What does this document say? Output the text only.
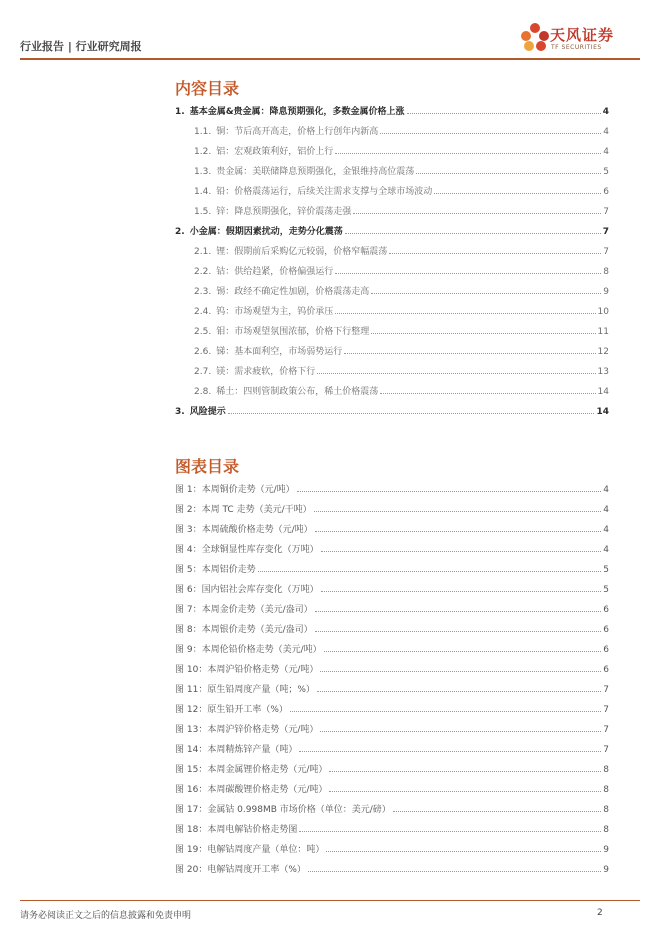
行业报告 | 行业研究周报
天风证券
TF SECURITIES
内容目录
1. 基本金属&贵金属：降息预期强化，多数金属价格上涨	4
1.1. 铜：节后高开高走，价格上行创年内新高	4
1.2. 铝：宏观政策利好，铝价上行	4
1.3. 贵金属：美联储降息预期强化，金银维持高位震荡	5
1.4. 铅：价格震荡运行，后续关注需求支撑与全球市场波动	6
1.5. 锌：降息预期强化，锌价震荡走强	7
2. 小金属：假期因素扰动，走势分化震荡	7
2.1. 锂：假期前后采购亿元较弱，价格窄幅震荡	7
2.2. 钴：供给趋紧，价格偏强运行	8
2.3. 锡：政经不确定性加剧，价格震荡走高	9
2.4. 钨：市场观望为主，钨价承压	10
2.5. 钼：市场观望氛围浓郁，价格下行整理	11
2.6. 锑：基本面利空，市场弱势运行	12
2.7. 镁：需求疲软，价格下行	13
2.8. 稀土：四则管制政策公布，稀土价格震荡	14
3. 风险提示	14
图表目录
图 1：本周铜价走势（元/吨）	4
图 2：本周 TC 走势（美元/干吨）	4
图 3：本周硫酸价格走势（元/吨）	4
图 4：全球铜显性库存变化（万吨）	4
图 5：本周铝价走势	5
图 6：国内铝社会库存变化（万吨）	5
图 7：本周金价走势（美元/盎司）	6
图 8：本周银价走势（美元/盎司）	6
图 9：本周伦铅价格走势（美元/吨）	6
图 10：本周沪铅价格走势（元/吨）	6
图 11：原生铅周度产量（吨；%）	7
图 12：原生铅开工率（%）	7
图 13：本周沪锌价格走势（元/吨）	7
图 14：本周精炼锌产量（吨）	7
图 15：本周金属锂价格走势（元/吨）	8
图 16：本周碳酸锂价格走势（元/吨）	8
图 17：金属钴 0.998MB 市场价格（单位：美元/磅）	8
图 18：本周电解钴价格走势图	8
图 19：电解钴周度产量（单位：吨）	9
图 20：电解钴周度开工率（%）	9
请务必阅读正文之后的信息披露和免责申明	2
